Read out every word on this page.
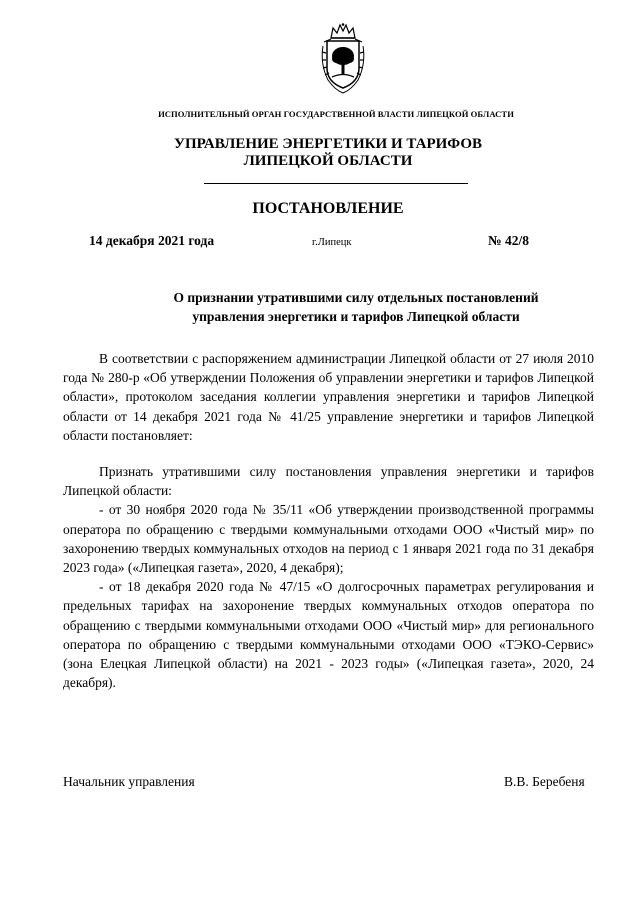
ИСПОЛНИТЕЛЬНЫЙ ОРГАН ГОСУДАРСТВЕННОЙ ВЛАСТИ ЛИПЕЦКОЙ ОБЛАСТИ
УПРАВЛЕНИЕ ЭНЕРГЕТИКИ И ТАРИФОВ
ЛИПЕЦКОЙ ОБЛАСТИ
ПОСТАНОВЛЕНИЕ
14 декабря 2021 года	г.Липецк	№ 42/8
О признании утратившими силу отдельных постановлений
управления энергетики и тарифов Липецкой области

В соответствии с распоряжением администрации Липецкой области от 27 июля 2010 года № 280-р «Об утверждении Положения об управлении энергетики и тарифов Липецкой области», протоколом заседания коллегии управления энергетики и тарифов Липецкой области от 14 декабря 2021 года № 41/25 управление энергетики и тарифов Липецкой области постановляет:

Признать утратившими силу постановления управления энергетики и тарифов Липецкой области:

- от 30 ноября 2020 года № 35/11 «Об утверждении производственной программы оператора по обращению с твердыми коммунальными отходами ООО «Чистый мир» по захоронению твердых коммунальных отходов на период с 1 января 2021 года по 31 декабря 2023 года» («Липецкая газета», 2020, 4 декабря);

- от 18 декабря 2020 года № 47/15 «О долгосрочных параметрах регулирования и предельных тарифах на захоронение твердых коммунальных отходов оператора по обращению с твердыми коммунальными отходами ООО «Чистый мир» для регионального оператора по обращению с твердыми коммунальными отходами ООО «ТЭКО-Сервис» (зона Елецкая Липецкой области) на 2021 - 2023 годы» («Липецкая газета», 2020, 24 декабря).

Начальник управления	В.В. Беребеня
